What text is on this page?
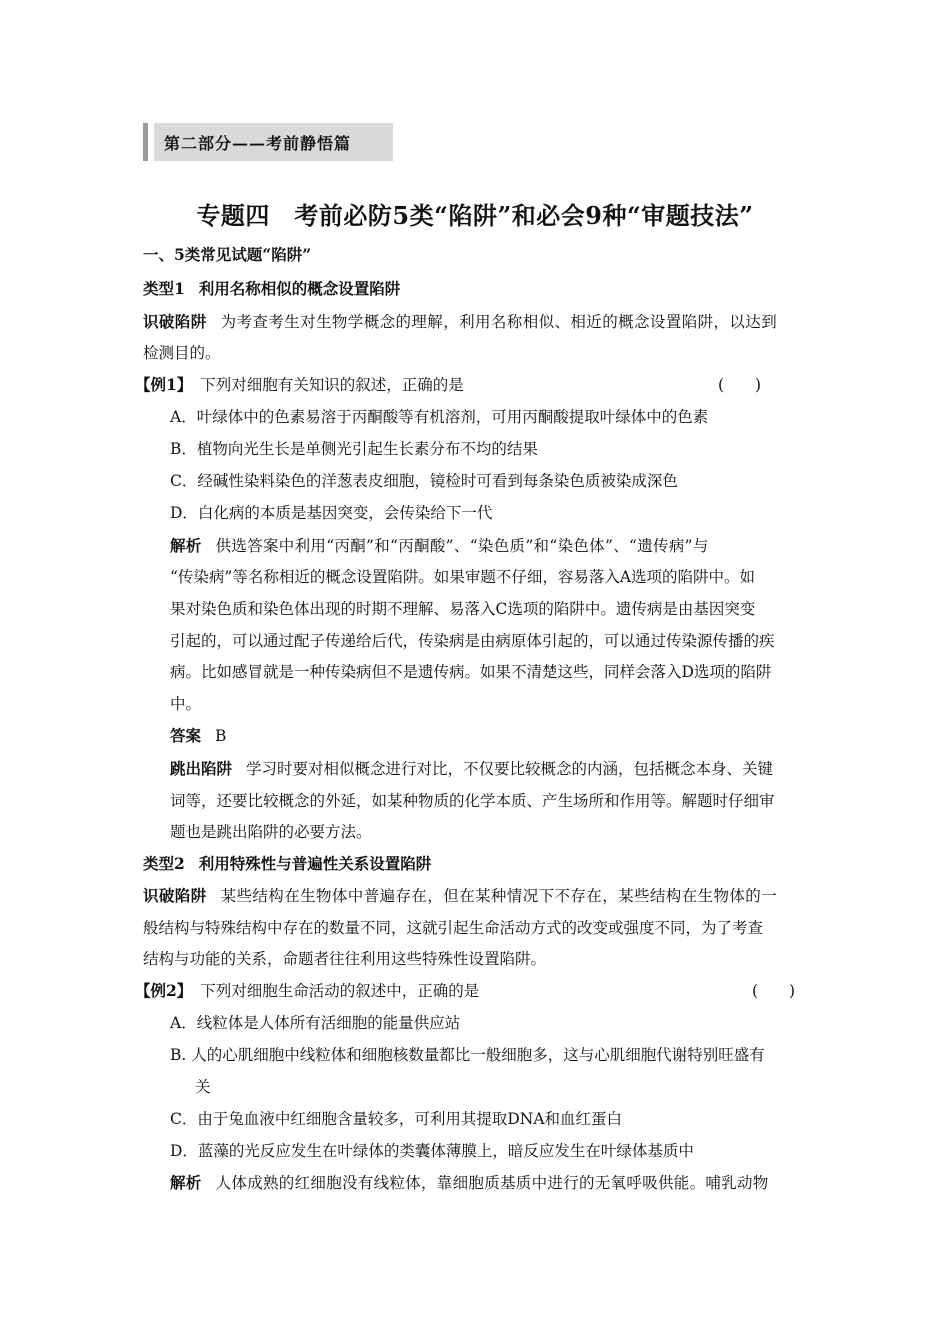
第二部分——考前静悟篇
专题四　考前必防5类“陷阱”和必会9种“审题技法”
一、5类常见试题“陷阱”
类型1 利用名称相似的概念设置陷阱
识破陷阱 为考查考生对生物学概念的理解，利用名称相似、相近的概念设置陷阱，以达到
检测目的。
【例1】 下列对细胞有关知识的叙述，正确的是	(　　)
A．叶绿体中的色素易溶于丙酮酸等有机溶剂，可用丙酮酸提取叶绿体中的色素
B．植物向光生长是单侧光引起生长素分布不均的结果
C．经碱性染料染色的洋葱表皮细胞，镜检时可看到每条染色质被染成深色
D．白化病的本质是基因突变，会传染给下一代
解析 供选答案中利用“丙酮”和“丙酮酸”、“染色质”和“染色体”、“遗传病”与
“传染病”等名称相近的概念设置陷阱。如果审题不仔细，容易落入A选项的陷阱中。如
果对染色质和染色体出现的时期不理解、易落入C选项的陷阱中。遗传病是由基因突变
引起的，可以通过配子传递给后代，传染病是由病原体引起的，可以通过传染源传播的疾
病。比如感冒就是一种传染病但不是遗传病。如果不清楚这些，同样会落入D选项的陷阱
中。
答案 B
跳出陷阱 学习时要对相似概念进行对比，不仅要比较概念的内涵，包括概念本身、关键
词等，还要比较概念的外延，如某种物质的化学本质、产生场所和作用等。解题时仔细审
题也是跳出陷阱的必要方法。
类型2 利用特殊性与普遍性关系设置陷阱
识破陷阱 某些结构在生物体中普遍存在，但在某种情况下不存在，某些结构在生物体的一
般结构与特殊结构中存在的数量不同，这就引起生命活动方式的改变或强度不同，为了考查
结构与功能的关系，命题者往往利用这些特殊性设置陷阱。
【例2】 下列对细胞生命活动的叙述中，正确的是	(　　)
A．线粒体是人体所有活细胞的能量供应站
B. 人的心肌细胞中线粒体和细胞核数量都比一般细胞多，这与心肌细胞代谢特别旺盛有
关
C．由于兔血液中红细胞含量较多，可利用其提取DNA和血红蛋白
D．蓝藻的光反应发生在叶绿体的类囊体薄膜上，暗反应发生在叶绿体基质中
解析 人体成熟的红细胞没有线粒体，靠细胞质基质中进行的无氧呼吸供能。哺乳动物
